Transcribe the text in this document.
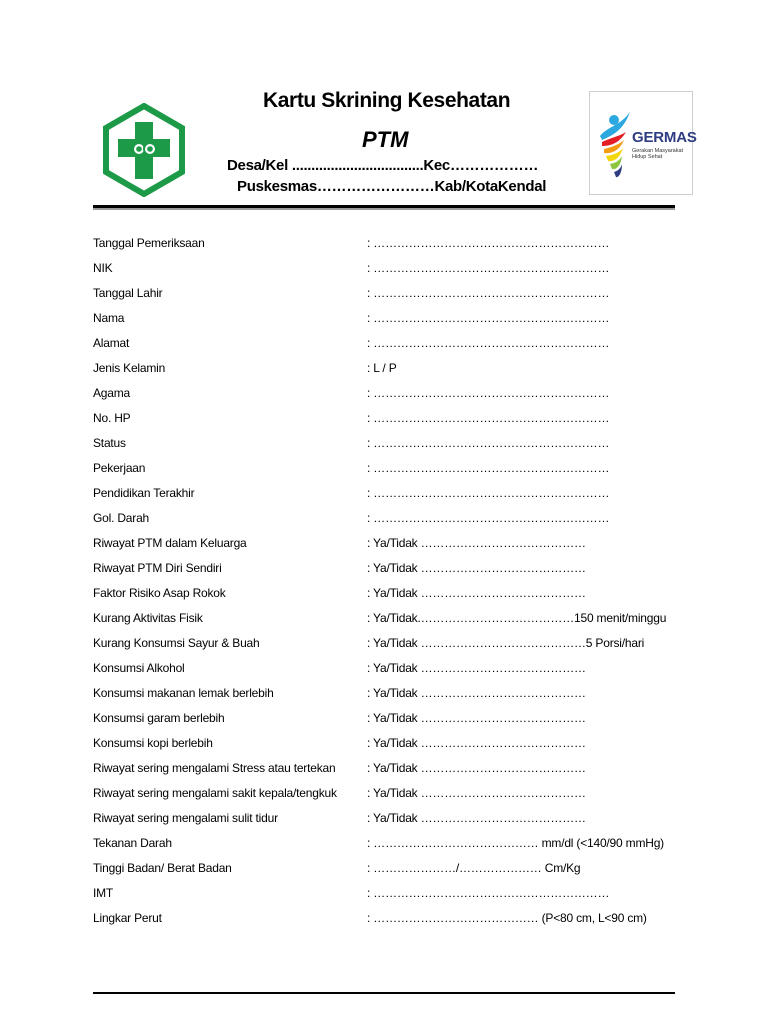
Kartu Skrining Kesehatan
PTM
Desa/Kel ..................................Kec………………
Puskesmas……………………Kab/KotaKendal
GERMAS
Gerakan Masyarakat Hidup Sehat
Tanggal Pemeriksaan	: ……………………………………………………
NIK	: ……………………………………………………
Tanggal Lahir	: ……………………………………………………
Nama	: ……………………………………………………
Alamat	: ……………………………………………………
Jenis Kelamin	: L / P
Agama	: ……………………………………………………
No. HP	: ……………………………………………………
Status	: ……………………………………………………
Pekerjaan	: ……………………………………………………
Pendidikan Terakhir	: ……………………………………………………
Gol. Darah	: ……………………………………………………
Riwayat PTM dalam Keluarga	: Ya/Tidak ……………………………………
Riwayat PTM Diri Sendiri	: Ya/Tidak ……………………………………
Faktor Risiko Asap Rokok	: Ya/Tidak ……………………………………
Kurang Aktivitas Fisik	: Ya/Tidak.…………………………………150 menit/minggu
Kurang Konsumsi Sayur & Buah	: Ya/Tidak ……………………………………5 Porsi/hari
Konsumsi Alkohol	: Ya/Tidak ……………………………………
Konsumsi makanan lemak berlebih	: Ya/Tidak ……………………………………
Konsumsi garam berlebih	: Ya/Tidak ……………………………………
Konsumsi kopi berlebih	: Ya/Tidak ……………………………………
Riwayat sering mengalami Stress atau tertekan	: Ya/Tidak ……………………………………
Riwayat sering mengalami sakit kepala/tengkuk	: Ya/Tidak ……………………………………
Riwayat sering mengalami sulit tidur	: Ya/Tidak ……………………………………
Tekanan Darah	: …………………………………… mm/dl (<140/90 mmHg)
Tinggi Badan/ Berat Badan	: …………………/………………… Cm/Kg
IMT	: ……………………………………………………
Lingkar Perut	: …………………………………… (P<80 cm, L<90 cm)
